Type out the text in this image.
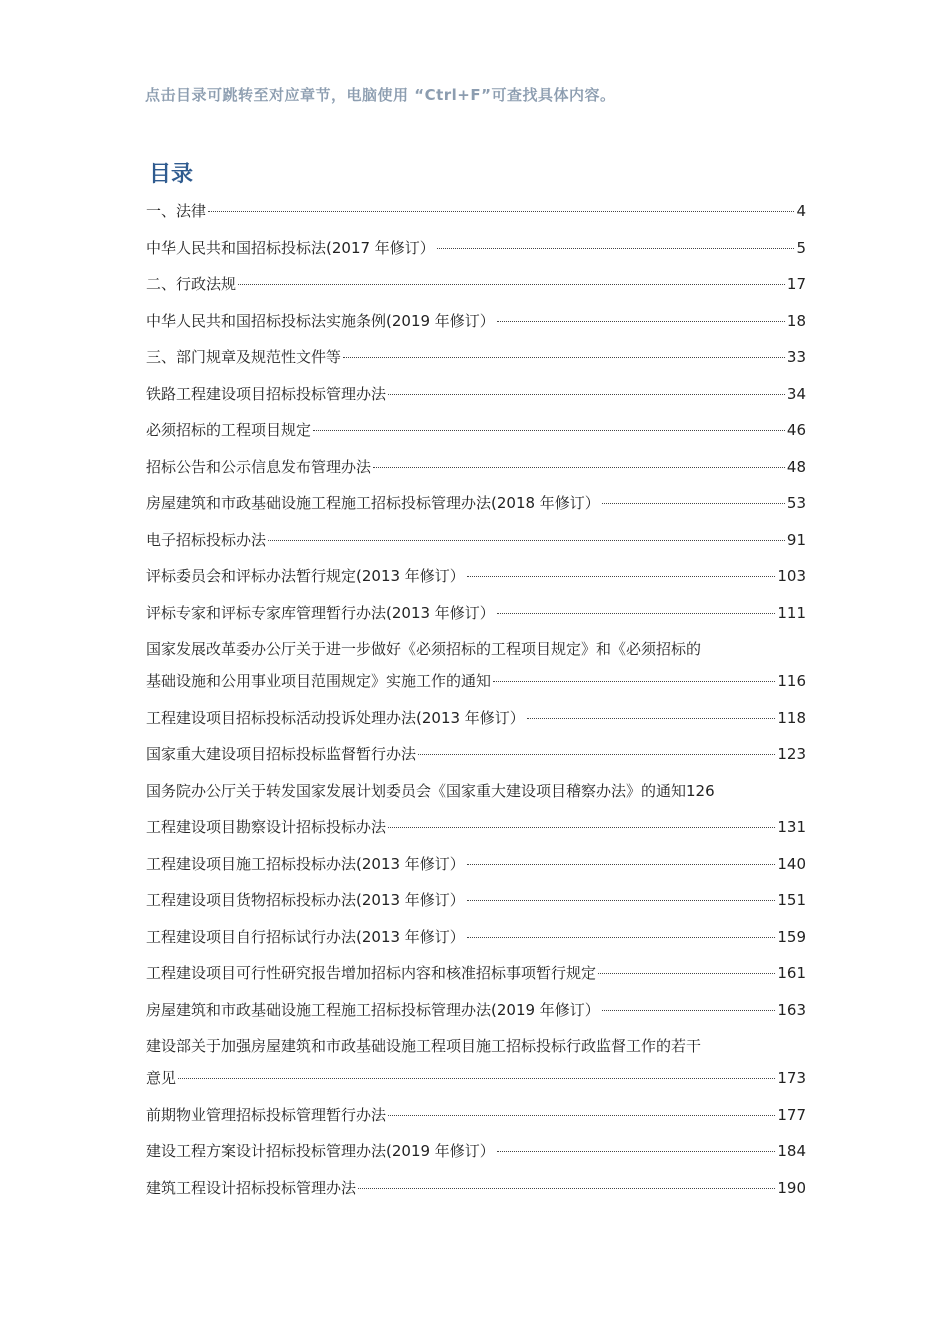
点击目录可跳转至对应章节，电脑使用 “Ctrl+F”可查找具体内容。
目录
一、法律	4
中华人民共和国招标投标法(2017 年修订）	5
二、行政法规	17
中华人民共和国招标投标法实施条例(2019 年修订）	18
三、部门规章及规范性文件等	33
铁路工程建设项目招标投标管理办法	34
必须招标的工程项目规定	46
招标公告和公示信息发布管理办法	48
房屋建筑和市政基础设施工程施工招标投标管理办法(2018 年修订）	53
电子招标投标办法	91
评标委员会和评标办法暂行规定(2013 年修订）	103
评标专家和评标专家库管理暂行办法(2013 年修订）	111
国家发展改革委办公厅关于进一步做好《必须招标的工程项目规定》和《必须招标的
基础设施和公用事业项目范围规定》实施工作的通知	116
工程建设项目招标投标活动投诉处理办法(2013 年修订）	118
国家重大建设项目招标投标监督暂行办法	123
国务院办公厅关于转发国家发展计划委员会《国家重大建设项目稽察办法》的通知 126
工程建设项目勘察设计招标投标办法	131
工程建设项目施工招标投标办法(2013 年修订）	140
工程建设项目货物招标投标办法(2013 年修订）	151
工程建设项目自行招标试行办法(2013 年修订）	159
工程建设项目可行性研究报告增加招标内容和核准招标事项暂行规定	161
房屋建筑和市政基础设施工程施工招标投标管理办法(2019 年修订）	163
建设部关于加强房屋建筑和市政基础设施工程项目施工招标投标行政监督工作的若干
意见	173
前期物业管理招标投标管理暂行办法	177
建设工程方案设计招标投标管理办法(2019 年修订）	184
建筑工程设计招标投标管理办法	190
